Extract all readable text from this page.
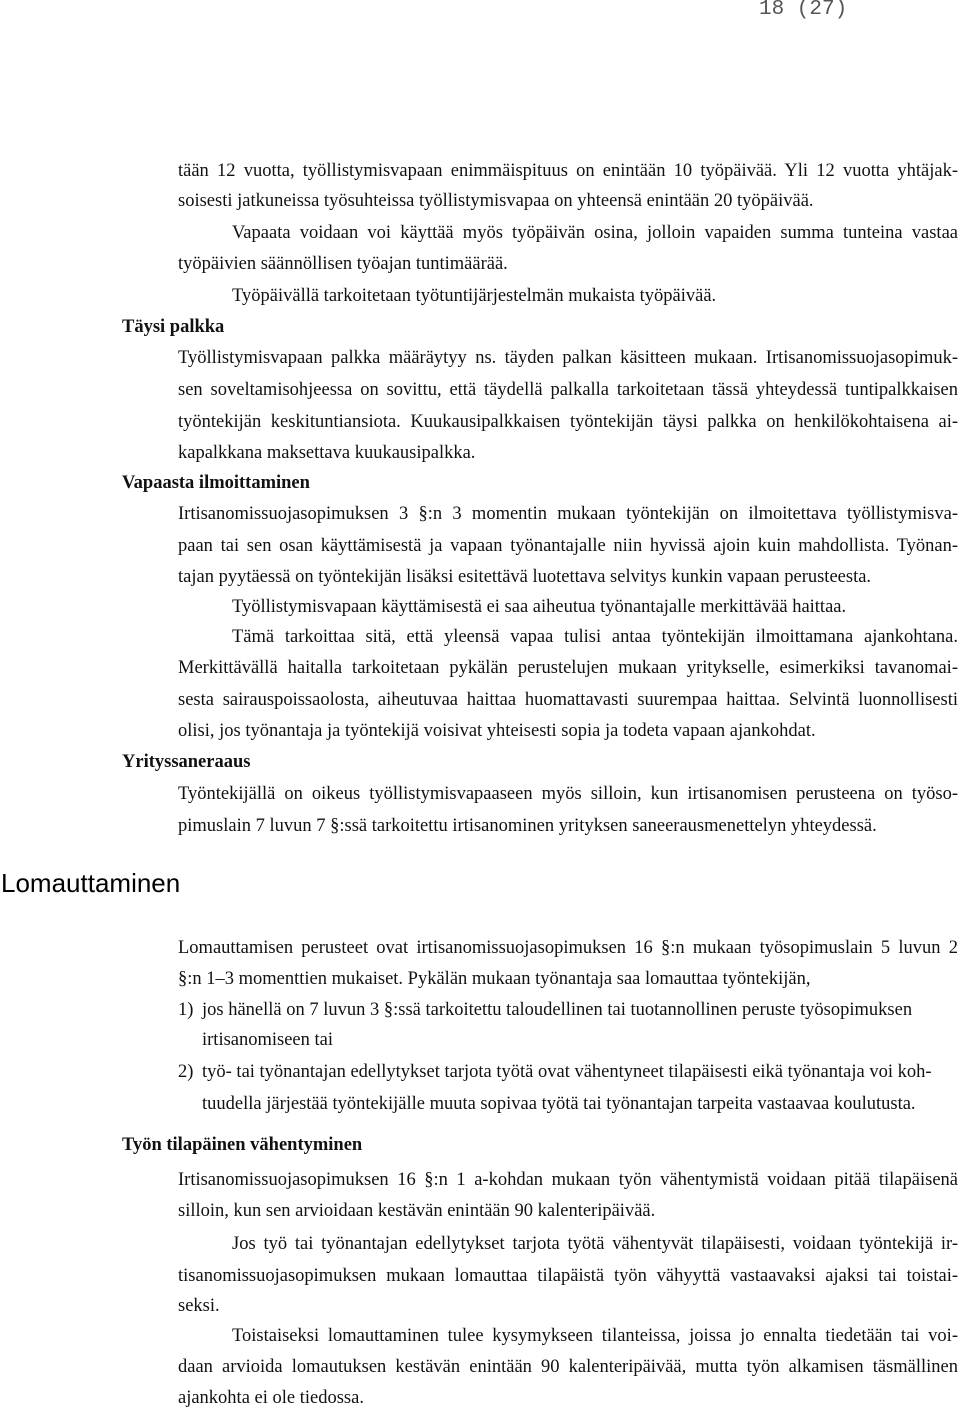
18 (27)
tään 12 vuotta, työllistymisvapaan enimmäispituus on enintään 10 työpäivää. Yli 12 vuotta yhtäjak-
soisesti jatkuneissa työsuhteissa työllistymisvapaa on yhteensä enintään 20 työpäivää.
Vapaata voidaan voi käyttää myös työpäivän osina, jolloin vapaiden summa tunteina vastaa
työpäivien säännöllisen työajan tuntimäärää.
Työpäivällä tarkoitetaan työtuntijärjestelmän mukaista työpäivää.
Täysi palkka
Työllistymisvapaan palkka määräytyy ns. täyden palkan käsitteen mukaan. Irtisanomissuojasopimuk-
sen soveltamisohjeessa on sovittu, että täydellä palkalla tarkoitetaan tässä yhteydessä tuntipalkkaisen
työntekijän keskituntiansiota. Kuukausipalkkaisen työntekijän täysi palkka on henkilökohtaisena ai-
kapalkkana maksettava kuukausipalkka.
Vapaasta ilmoittaminen
Irtisanomissuojasopimuksen 3 §:n 3 momentin mukaan työntekijän on ilmoitettava työllistymisva-
paan tai sen osan käyttämisestä ja vapaan työnantajalle niin hyvissä ajoin kuin mahdollista. Työnan-
tajan pyytäessä on työntekijän lisäksi esitettävä luotettava selvitys kunkin vapaan perusteesta.
Työllistymisvapaan käyttämisestä ei saa aiheutua työnantajalle merkittävää haittaa.
Tämä tarkoittaa sitä, että yleensä vapaa tulisi antaa työntekijän ilmoittamana ajankohtana.
Merkittävällä haitalla tarkoitetaan pykälän perustelujen mukaan yritykselle, esimerkiksi tavanomai-
sesta sairauspoissaolosta, aiheutuvaa haittaa huomattavasti suurempaa haittaa. Selvintä luonnollisesti
olisi, jos työnantaja ja työntekijä voisivat yhteisesti sopia ja todeta vapaan ajankohdat.
Yrityssaneraaus
Työntekijällä on oikeus työllistymisvapaaseen myös silloin, kun irtisanomisen perusteena on työso-
pimuslain 7 luvun 7 §:ssä tarkoitettu irtisanominen yrityksen saneerausmenettelyn yhteydessä.
Lomauttaminen
Lomauttamisen perusteet ovat irtisanomissuojasopimuksen 16 §:n mukaan työsopimuslain 5 luvun 2
§:n 1–3 momenttien mukaiset. Pykälän mukaan työnantaja saa lomauttaa työntekijän,
1) jos hänellä on 7 luvun 3 §:ssä tarkoitettu taloudellinen tai tuotannollinen peruste työsopimuksen
irtisanomiseen tai
2) työ- tai työnantajan edellytykset tarjota työtä ovat vähentyneet tilapäisesti eikä työnantaja voi koh-
tuudella järjestää työntekijälle muuta sopivaa työtä tai työnantajan tarpeita vastaavaa koulutusta.
Työn tilapäinen vähentyminen
Irtisanomissuojasopimuksen 16 §:n 1 a-kohdan mukaan työn vähentymistä voidaan pitää tilapäisenä
silloin, kun sen arvioidaan kestävän enintään 90 kalenteripäivää.
Jos työ tai työnantajan edellytykset tarjota työtä vähentyvät tilapäisesti, voidaan työntekijä ir-
tisanomissuojasopimuksen mukaan lomauttaa tilapäistä työn vähyyttä vastaavaksi ajaksi tai toistai-
seksi.
Toistaiseksi lomauttaminen tulee kysymykseen tilanteissa, joissa jo ennalta tiedetään tai voi-
daan arvioida lomautuksen kestävän enintään 90 kalenteripäivää, mutta työn alkamisen täsmällinen
ajankohta ei ole tiedossa.
